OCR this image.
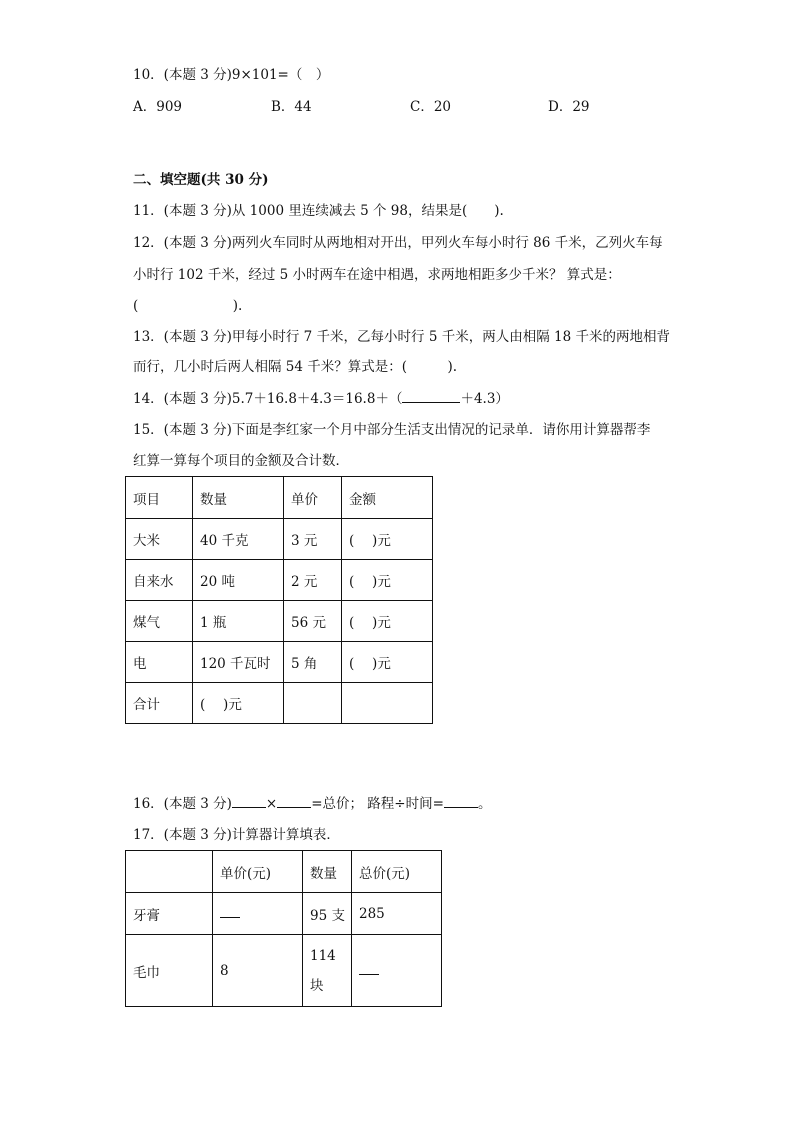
10．(本题 3 分)9×101=（　）
A．909	B．44	C．20	D．29
二、填空题(共 30 分)
11．(本题 3 分)从 1000 里连续减去 5 个 98，结果是(　　).
12．(本题 3 分)两列火车同时从两地相对开出，甲列火车每小时行 86 千米，乙列火车每
小时行 102 千米，经过 5 小时两车在途中相遇，求两地相距多少千米？ 算式是：
(　　　　　　　).
13．(本题 3 分)甲每小时行 7 千米，乙每小时行 5 千米，两人由相隔 18 千米的两地相背
而行，几小时后两人相隔 54 千米？算式是：(　　　).
14．(本题 3 分)5.7＋16.8＋4.3＝16.8＋（	＋4.3）
15．(本题 3 分)下面是李红家一个月中部分生活支出情况的记录单．请你用计算器帮李
红算一算每个项目的金额及合计数．
项目	数量	单价	金额
大米	40 千克	3 元	(　 )元
自来水	20 吨	2 元	(　 )元
煤气	1 瓶	56 元	(　 )元
电	120 千瓦时	5 角	(　 )元
合计	(　 )元		
16．(本题 3 分)	×	=总价； 路程÷时间=	。
17．(本题 3 分)计算器计算填表．
	单价(元)	数量	总价(元)
牙膏		95 支	285
毛巾	8	114
块	
